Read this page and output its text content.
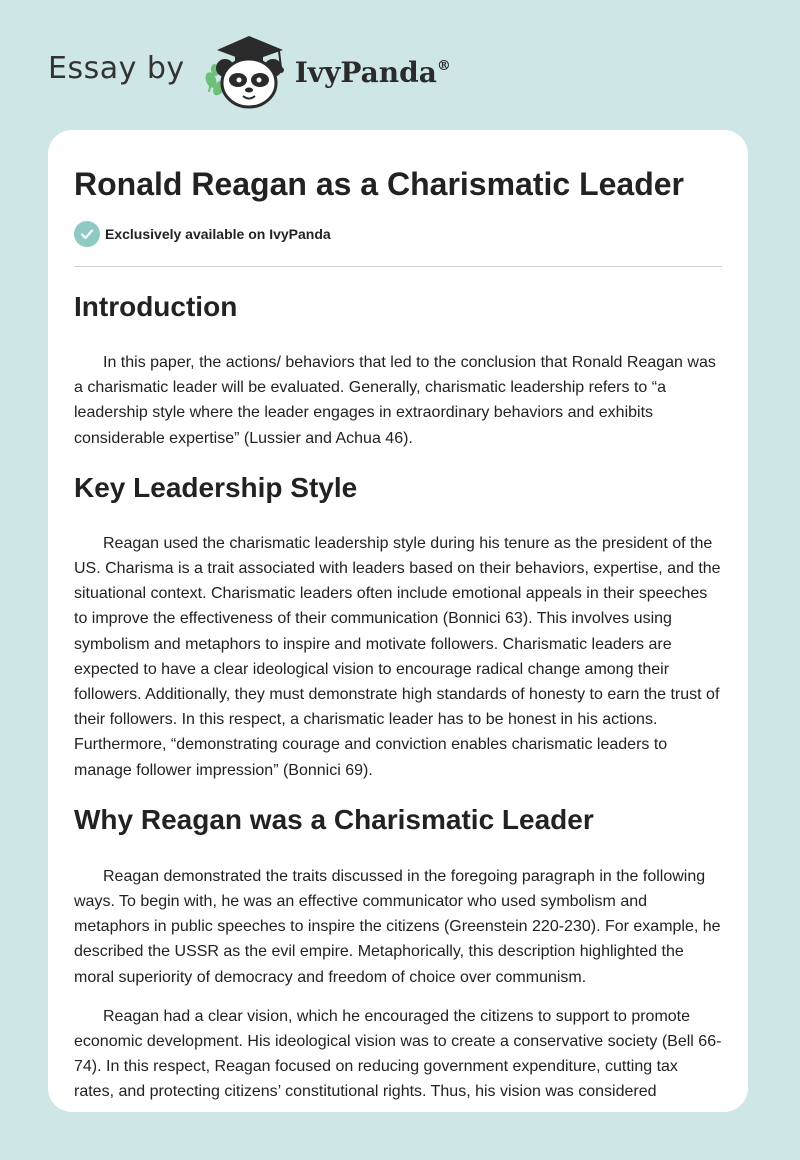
Essay by	IvyPanda®
Ronald Reagan as a Charismatic Leader
Exclusively available on IvyPanda
Introduction

In this paper, the actions/ behaviors that led to the conclusion that Ronald Reagan was a charismatic leader will be evaluated. Generally, charismatic leadership refers to “a leadership style where the leader engages in extraordinary behaviors and exhibits considerable expertise” (Lussier and Achua 46).

Key Leadership Style

Reagan used the charismatic leadership style during his tenure as the president of the US. Charisma is a trait associated with leaders based on their behaviors, expertise, and the situational context. Charismatic leaders often include emotional appeals in their speeches to improve the effectiveness of their communication (Bonnici 63). This involves using symbolism and metaphors to inspire and motivate followers. Charismatic leaders are expected to have a clear ideological vision to encourage radical change among their followers. Additionally, they must demonstrate high standards of honesty to earn the trust of their followers. In this respect, a charismatic leader has to be honest in his actions. Furthermore, “demonstrating courage and conviction enables charismatic leaders to manage follower impression” (Bonnici 69).

Why Reagan was a Charismatic Leader

Reagan demonstrated the traits discussed in the foregoing paragraph in the following ways. To begin with, he was an effective communicator who used symbolism and metaphors in public speeches to inspire the citizens (Greenstein 220-230). For example, he described the USSR as the evil empire. Metaphorically, this description highlighted the moral superiority of democracy and freedom of choice over communism.

Reagan had a clear vision, which he encouraged the citizens to support to promote economic development. His ideological vision was to create a conservative society (Bell 66-74). In this respect, Reagan focused on reducing government expenditure, cutting tax rates, and protecting citizens’ constitutional rights. Thus, his vision was considered
